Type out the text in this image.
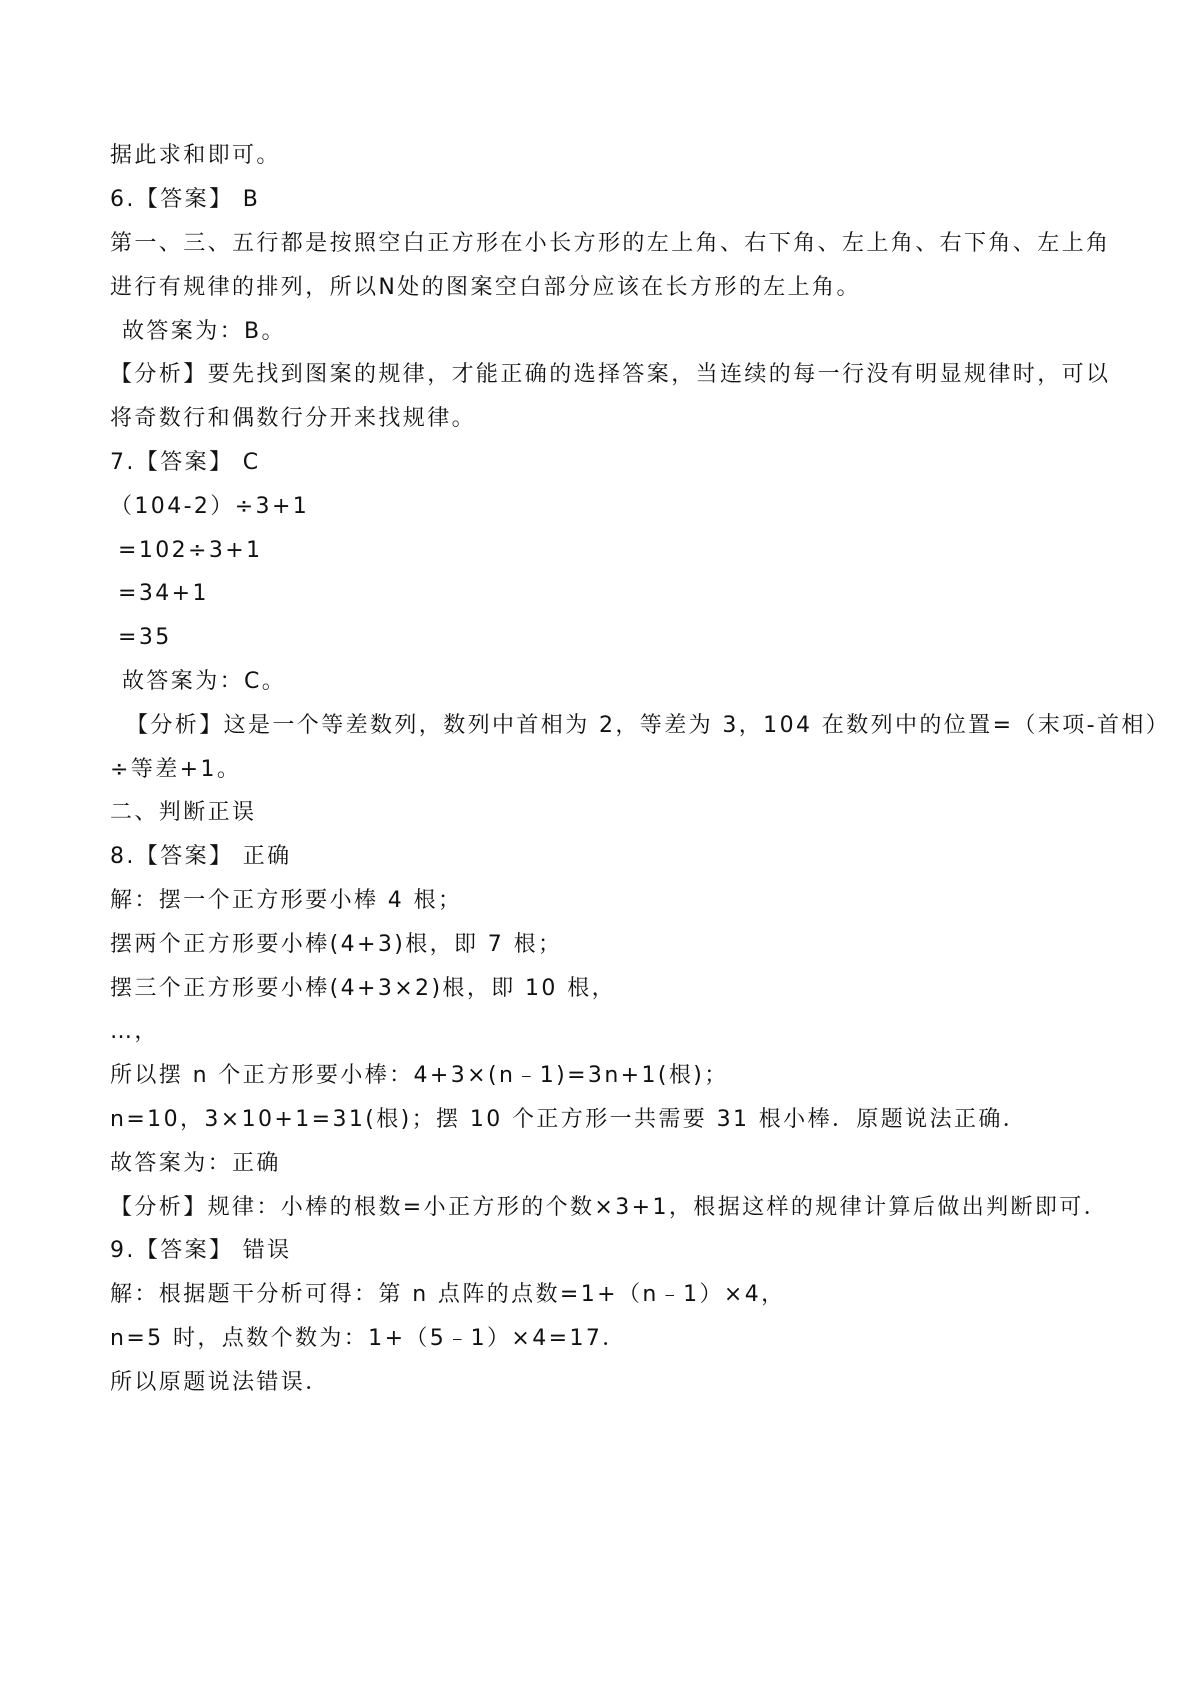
据此求和即可。
6.【答案】 B
第一、三、五行都是按照空白正方形在小长方形的左上角、右下角、左上角、右下角、左上角
进行有规律的排列，所以N处的图案空白部分应该在长方形的左上角。
故答案为：B。
【分析】要先找到图案的规律，才能正确的选择答案，当连续的每一行没有明显规律时，可以
将奇数行和偶数行分开来找规律。
7.【答案】 C
（104-2）÷3+1
=102÷3+1
=34+1
=35
故答案为：C。
【分析】这是一个等差数列，数列中首相为 2，等差为 3，104 在数列中的位置=（末项-首相）
÷等差+1。
二、判断正误
8.【答案】 正确
解：摆一个正方形要小棒 4 根；
摆两个正方形要小棒(4+3)根，即 7 根；
摆三个正方形要小棒(4+3×2)根，即 10 根，
…，
所以摆 n 个正方形要小棒：4+3×(n﹣1)=3n+1(根)；
n=10，3×10+1=31(根)；摆 10 个正方形一共需要 31 根小棒．原题说法正确．
故答案为：正确
【分析】规律：小棒的根数=小正方形的个数×3+1，根据这样的规律计算后做出判断即可．
9.【答案】 错误
解：根据题干分析可得：第 n 点阵的点数=1+（n﹣1）×4，
n=5 时，点数个数为：1+（5﹣1）×4=17．
所以原题说法错误．
